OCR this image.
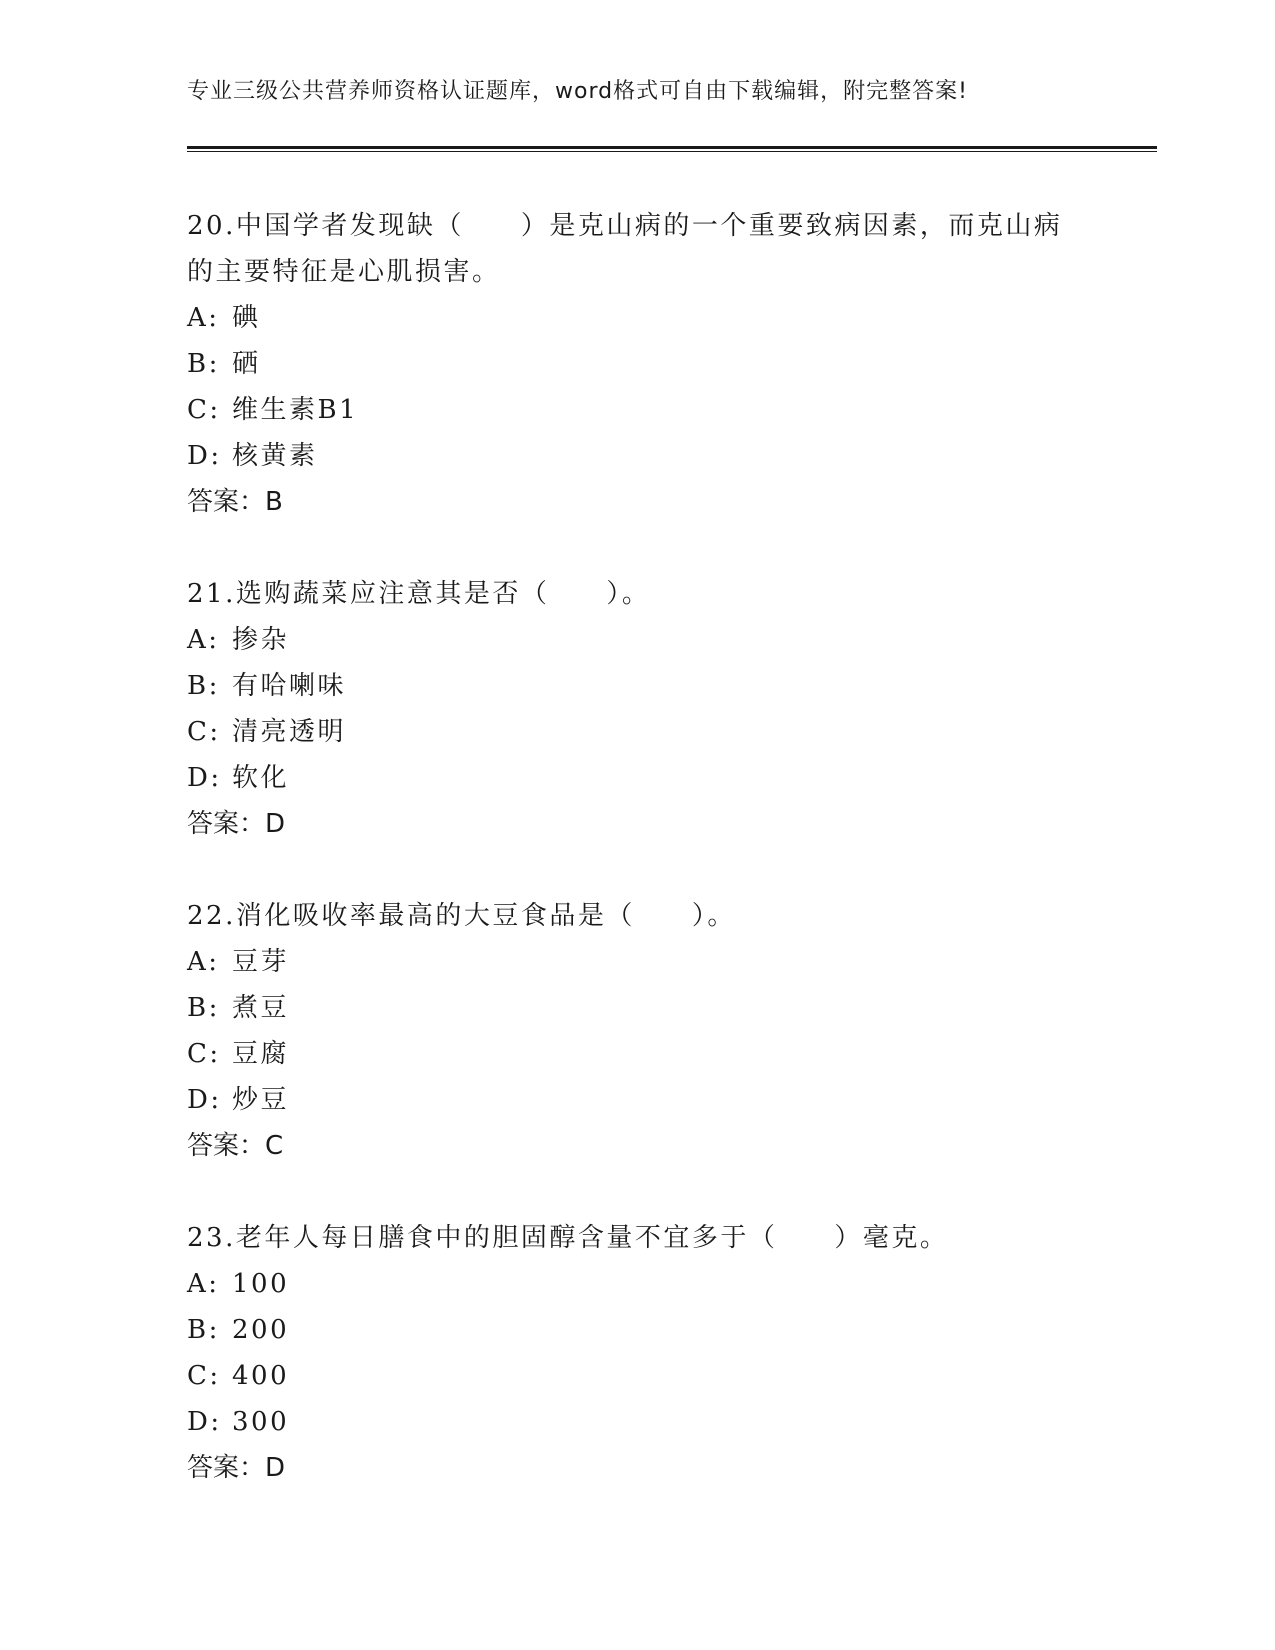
专业三级公共营养师资格认证题库，word格式可自由下载编辑，附完整答案!

20.中国学者发现缺（　　）是克山病的一个重要致病因素，而克山病
的主要特征是心肌损害。

A: 碘

B: 硒

C: 维生素B1

D: 核黄素

答案：B

21.选购蔬菜应注意其是否（　　）。

A: 掺杂

B: 有哈喇味

C: 清亮透明

D: 软化

答案：D

22.消化吸收率最高的大豆食品是（　　）。

A: 豆芽

B: 煮豆

C: 豆腐

D: 炒豆

答案：C

23.老年人每日膳食中的胆固醇含量不宜多于（　　）毫克。

A: 100

B: 200

C: 400

D: 300

答案：D
